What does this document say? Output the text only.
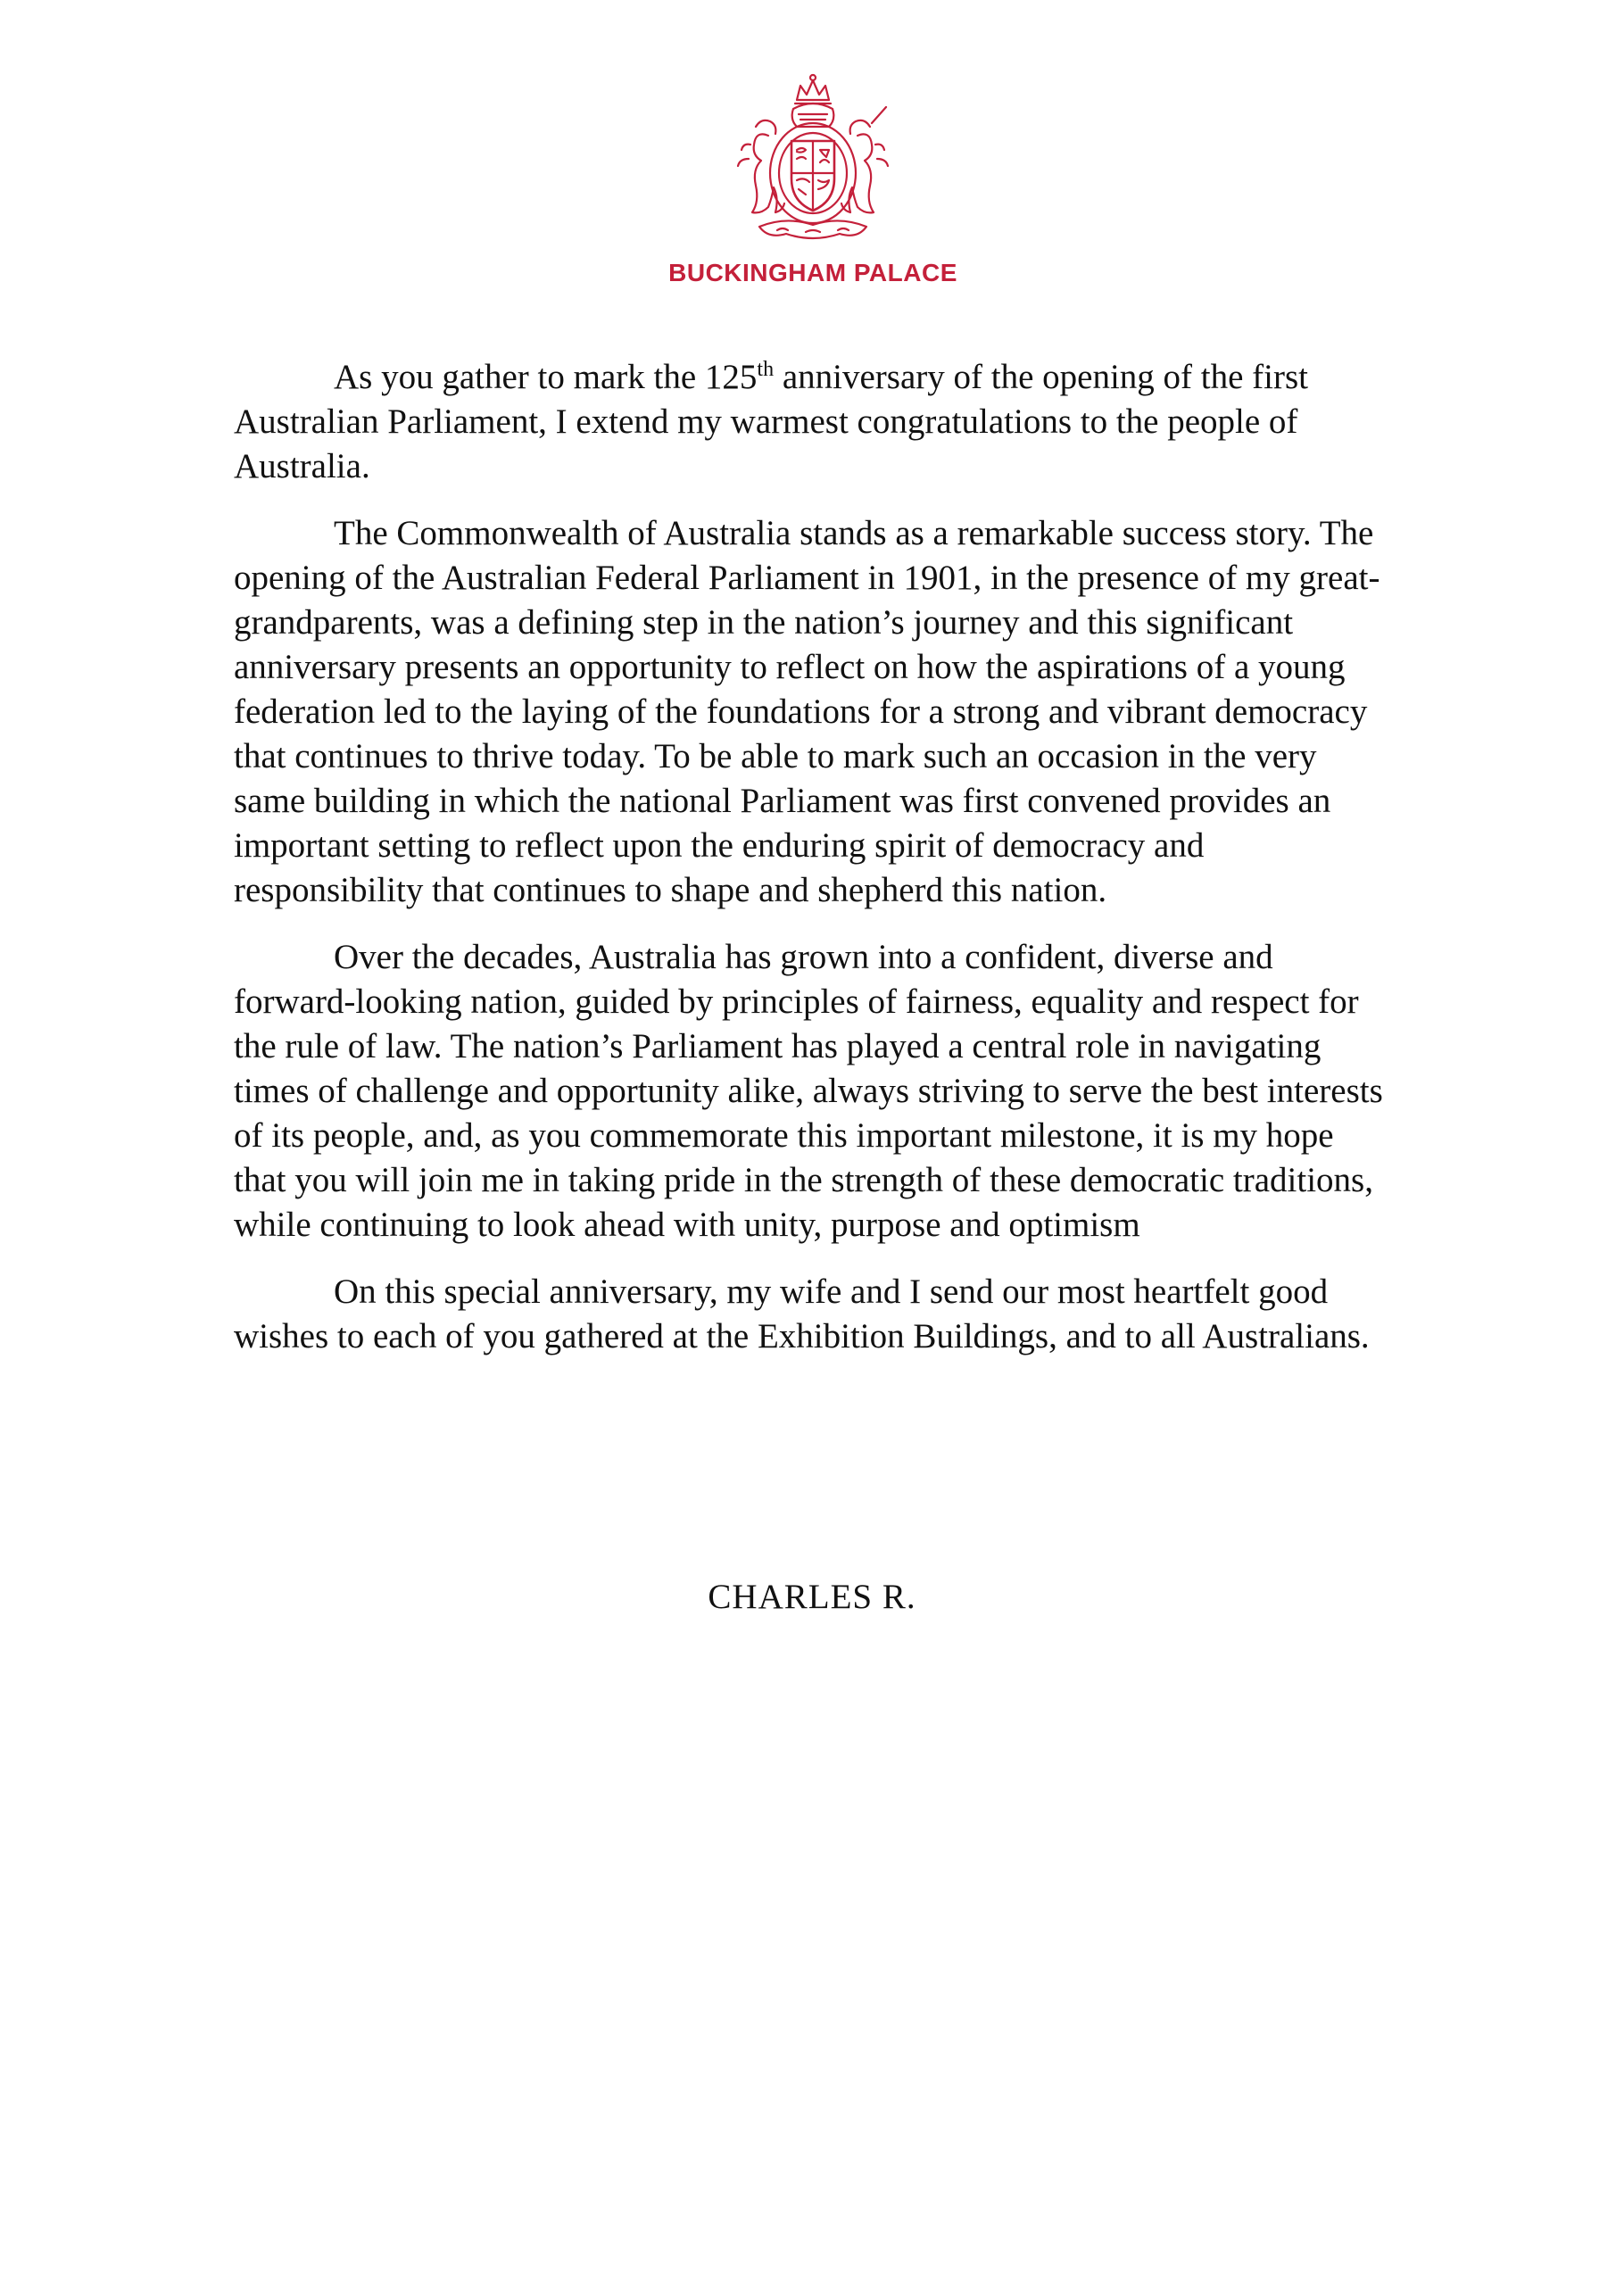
BUCKINGHAM PALACE

As you gather to mark the 125th anniversary of the opening of the first Australian Parliament, I extend my warmest congratulations to the people of Australia.

The Commonwealth of Australia stands as a remarkable success story. The opening of the Australian Federal Parliament in 1901, in the presence of my great-grandparents, was a defining step in the nation’s journey and this significant anniversary presents an opportunity to reflect on how the aspirations of a young federation led to the laying of the foundations for a strong and vibrant democracy that continues to thrive today. To be able to mark such an occasion in the very same building in which the national Parliament was first convened provides an important setting to reflect upon the enduring spirit of democracy and responsibility that continues to shape and shepherd this nation.

Over the decades, Australia has grown into a confident, diverse and forward-looking nation, guided by principles of fairness, equality and respect for the rule of law. The nation’s Parliament has played a central role in navigating times of challenge and opportunity alike, always striving to serve the best interests of its people, and, as you commemorate this important milestone, it is my hope that you will join me in taking pride in the strength of these democratic traditions, while continuing to look ahead with unity, purpose and optimism

On this special anniversary, my wife and I send our most heartfelt good wishes to each of you gathered at the Exhibition Buildings, and to all Australians.

CHARLES R.
